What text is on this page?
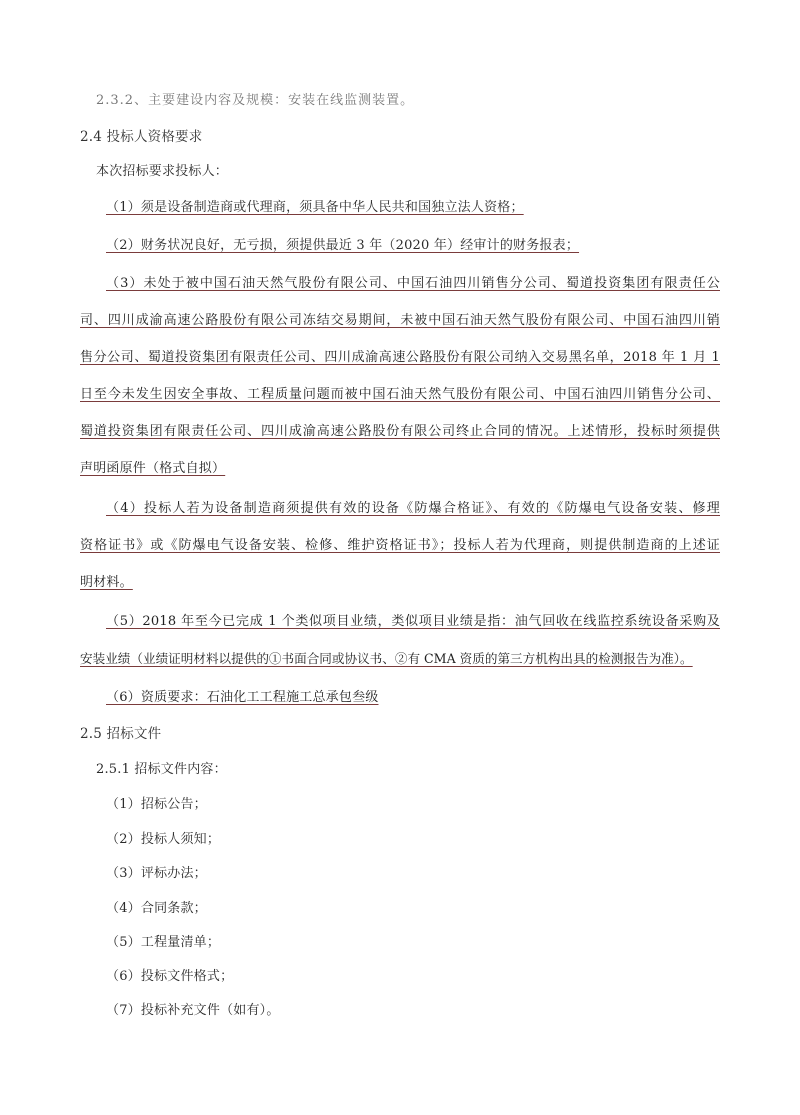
2.3.2、主要建设内容及规模：安装在线监测装置。
2.4 投标人资格要求
本次招标要求投标人：
（1）须是设备制造商或代理商，须具备中华人民共和国独立法人资格；
（2）财务状况良好，无亏损，须提供最近 3 年（2020 年）经审计的财务报表；
（3）未处于被中国石油天然气股份有限公司、中国石油四川销售分公司、蜀道投资集团有限责任公
司、四川成渝高速公路股份有限公司冻结交易期间，未被中国石油天然气股份有限公司、中国石油四川销
售分公司、蜀道投资集团有限责任公司、四川成渝高速公路股份有限公司纳入交易黑名单，2018 年 1 月 1
日至今未发生因安全事故、工程质量问题而被中国石油天然气股份有限公司、中国石油四川销售分公司、
蜀道投资集团有限责任公司、四川成渝高速公路股份有限公司终止合同的情况。上述情形，投标时须提供
声明函原件（格式自拟）
（4）投标人若为设备制造商须提供有效的设备《防爆合格证》、有效的《防爆电气设备安装、修理
资格证书》或《防爆电气设备安装、检修、维护资格证书》；投标人若为代理商，则提供制造商的上述证
明材料。
（5）2018 年至今已完成 1 个类似项目业绩，类似项目业绩是指：油气回收在线监控系统设备采购及
安装业绩（业绩证明材料以提供的①书面合同或协议书、②有 CMA 资质的第三方机构出具的检测报告为准）。
（6）资质要求：石油化工工程施工总承包叁级
2.5 招标文件
2.5.1 招标文件内容：
（1）招标公告；
（2）投标人须知；
（3）评标办法；
（4）合同条款；
（5）工程量清单；
（6）投标文件格式；
（7）投标补充文件（如有）。
